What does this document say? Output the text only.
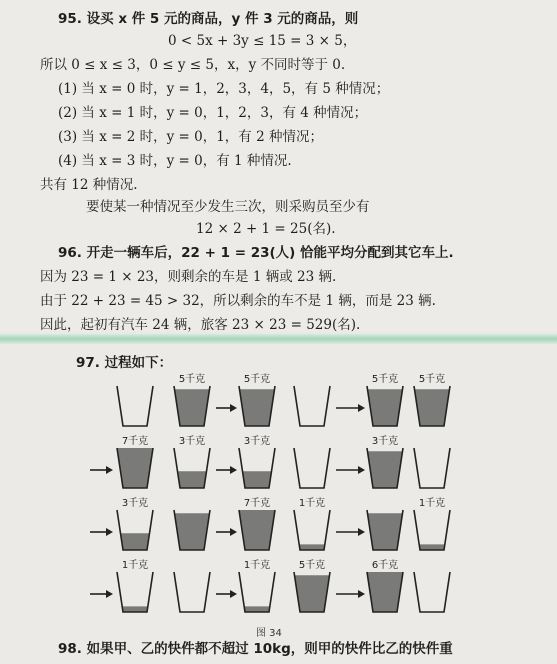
95. 设买 x 件 5 元的商品，y 件 3 元的商品，则
0 < 5x + 3y ≤ 15 = 3 × 5，
所以 0 ≤ x ≤ 3，0 ≤ y ≤ 5，x，y 不同时等于 0.
(1) 当 x = 0 时，y = 1，2，3，4，5，有 5 种情况；
(2) 当 x = 1 时，y = 0，1，2，3，有 4 种情况；
(3) 当 x = 2 时，y = 0，1，有 2 种情况；
(4) 当 x = 3 时，y = 0，有 1 种情况.
共有 12 种情况.
要使某一种情况至少发生三次，则采购员至少有
12 × 2 + 1 = 25(名).
96. 开走一辆车后，22 + 1 = 23(人) 恰能平均分配到其它车上.
因为 23 = 1 × 23，则剩余的车是 1 辆或 23 辆.
由于 22 + 23 = 45 > 32，所以剩余的车不是 1 辆，而是 23 辆.
因此，起初有汽车 24 辆，旅客 23 × 23 = 529(名).
97. 过程如下：
5千克	5千克	5千克 5千克
7千克	3千克	3千克	3千克
3千克	7千克	1千克	1千克
1千克	1千克	5千克	6千克
图 34
98. 如果甲、乙的快件都不超过 10kg，则甲的快件比乙的快件重
